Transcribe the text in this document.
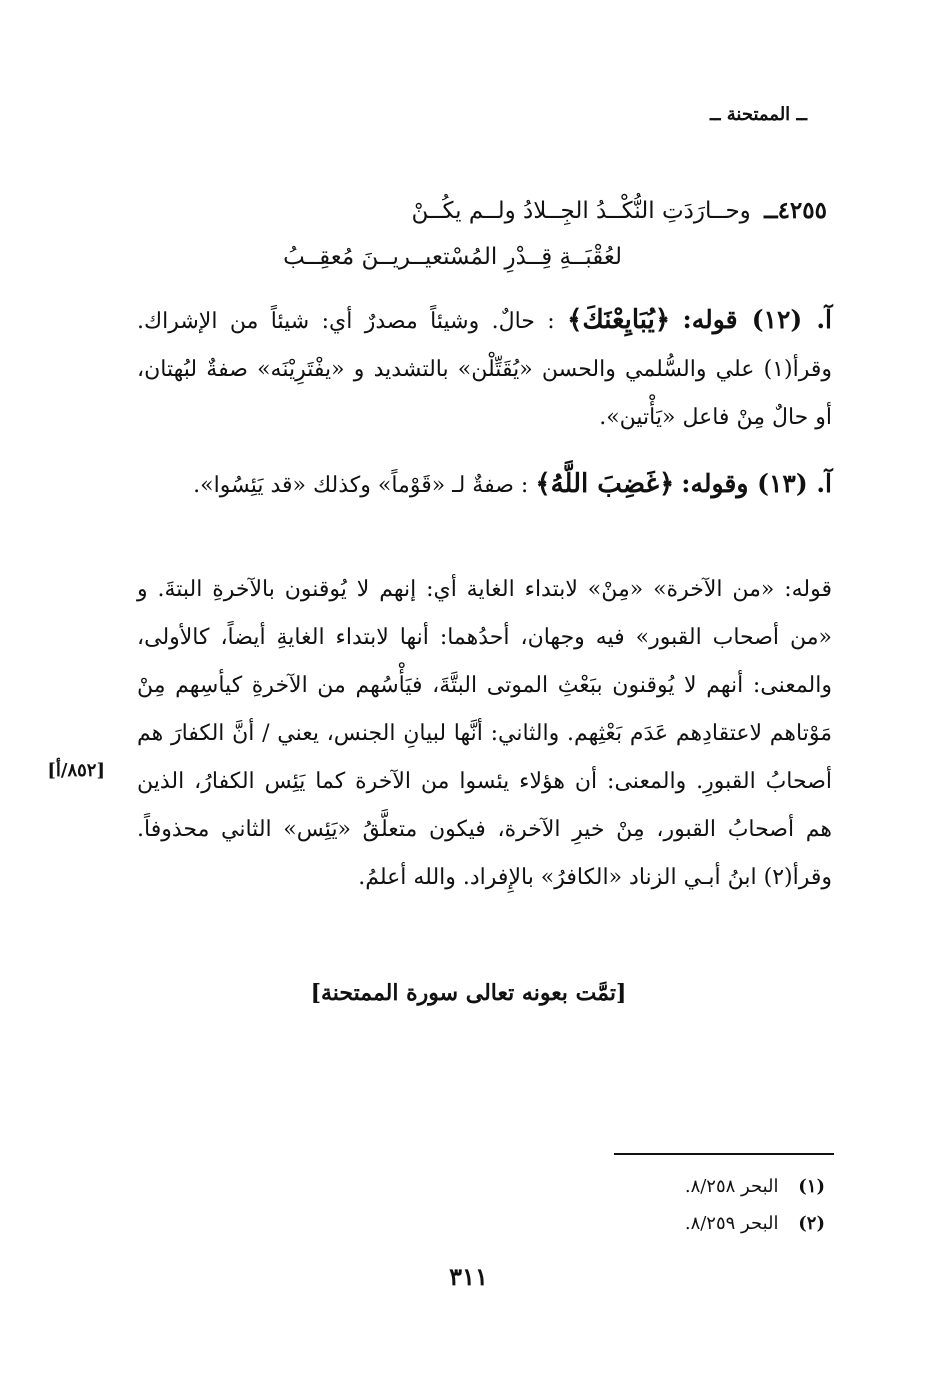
ــ الممتحنة ــ
٤٢٥٥ــ وحــارَدَتِ النُّكْــدُ الجِــلادُ ولــم يكُــنْ
لعُقْبَــةِ قِــدْرِ المُسْتعيــريــنَ مُعقِــبُ
آ. (١٢) قوله: ﴿يُبَايِعْنَكَ﴾ : حالٌ. وشيئاً مصدرٌ أي: شيئاً من الإشراك. وقرأ(١) علي والسُّلمي والحسن «يُقَتِّلْن» بالتشديد و «يفْتَرِيْنَه» صفةٌ لبُهتان، أو حالٌ مِنْ فاعل «يَأْتين».
آ. (١٣) وقوله: ﴿غَضِبَ اللَّهُ﴾ : صفةٌ لـ «قَوْماً» وكذلك «قد يَئِسُوا».
قوله: «من الآخرة» «مِنْ» لابتداء الغاية أي: إنهم لا يُوقنون بالآخرةِ البتةَ. و «من أصحاب القبور» فيه وجهان، أحدُهما: أنها لابتداء الغايةِ أيضاً، كالأولى، والمعنى: أنهم لا يُوقنون ببَعْثِ الموتى البتَّةَ، فيَأْسُهم من الآخرةِ كيأسِهم مِنْ مَوْتاهم لاعتقادِهم عَدَم بَعْثِهم. والثاني: أنَّها لبيانِ الجنس، يعني / أنَّ الكفارَ هم أصحابُ القبورِ. والمعنى: أن هؤلاء يئسوا من الآخرة كما يَئِس الكفارُ، الذين هم أصحابُ القبور، مِنْ خيرِ الآخرة، فيكون متعلَّقُ «يَئِس» الثاني محذوفاً. وقرأ(٢) ابنُ أبـي الزناد «الكافرُ» بالإِفراد. والله أعلمُ.
[٨٥٢/أ]
[تمَّت بعونه تعالى سورة الممتحنة]
(١) البحر ٨/٢٥٨.
(٢) البحر ٨/٢٥٩.
٣١١
